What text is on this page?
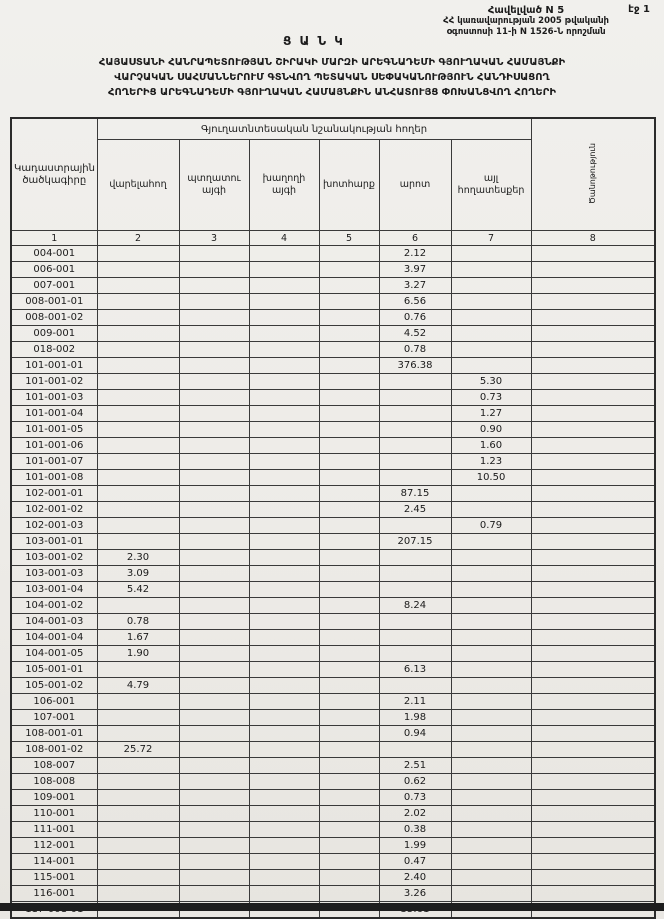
էջ 1
Հավելված N 5
ՀՀ կառավարության 2005 թվականի
օգոստոսի 11-ի N 1526-Ն որոշման
Ց Ա Ն Կ
ՀԱՅԱՍՏԱՆԻ ՀԱՆՐԱՊԵՏՈՒԹՅԱՆ ՇԻՐԱԿԻ ՄԱՐԶԻ ԱՐԵԳՆԱԴԵՄԻ ԳՅՈՒՂԱԿԱՆ ՀԱՄԱՅՆՔԻ
ՎԱՐՉԱԿԱՆ ՍԱՀՄԱՆՆԵՐՈՒՄ ԳՏՆՎՈՂ ՊԵՏԱԿԱՆ ՍԵՓԱԿԱՆՈՒԹՅՈՒՆ ՀԱՆԴԻՍԱՑՈՂ
ՀՈՂԵՐԻՑ ԱՐԵԳՆԱԴԵՄԻ ԳՅՈՒՂԱԿԱՆ ՀԱՄԱՅՆՔԻՆ ԱՆՀԱՏՈՒՅՑ ՓՈԽԱՆՑՎՈՂ ՀՈՂԵՐԻ
Կադաստրային ծածկագիրը	Գյուղատնտեսական նշանակության հողեր						Ծանոթություն
	վարելահող	պտղատու այգի	խաղողի այգի	խոտհարք	արոտ	այլ հողատեսքեր	
1	2	3	4	5	6	7	8
004-001					2.12		
006-001					3.97		
007-001					3.27		
008-001-01					6.56		
008-001-02					0.76		
009-001					4.52		
018-002					0.78		
101-001-01					376.38		
101-001-02						5.30	
101-001-03						0.73	
101-001-04						1.27	
101-001-05						0.90	
101-001-06						1.60	
101-001-07						1.23	
101-001-08						10.50	
102-001-01					87.15		
102-001-02					2.45		
102-001-03						0.79	
103-001-01					207.15		
103-001-02	2.30						
103-001-03	3.09						
103-001-04	5.42						
104-001-02					8.24		
104-001-03	0.78						
104-001-04	1.67						
104-001-05	1.90						
105-001-01					6.13		
105-001-02	4.79						
106-001					2.11		
107-001					1.98		
108-001-01					0.94		
108-001-02	25.72						
108-007					2.51		
108-008					0.62		
109-001					0.73		
110-001					2.02		
111-001					0.38		
112-001					1.99		
114-001					0.47		
115-001					2.40		
116-001					3.26		
